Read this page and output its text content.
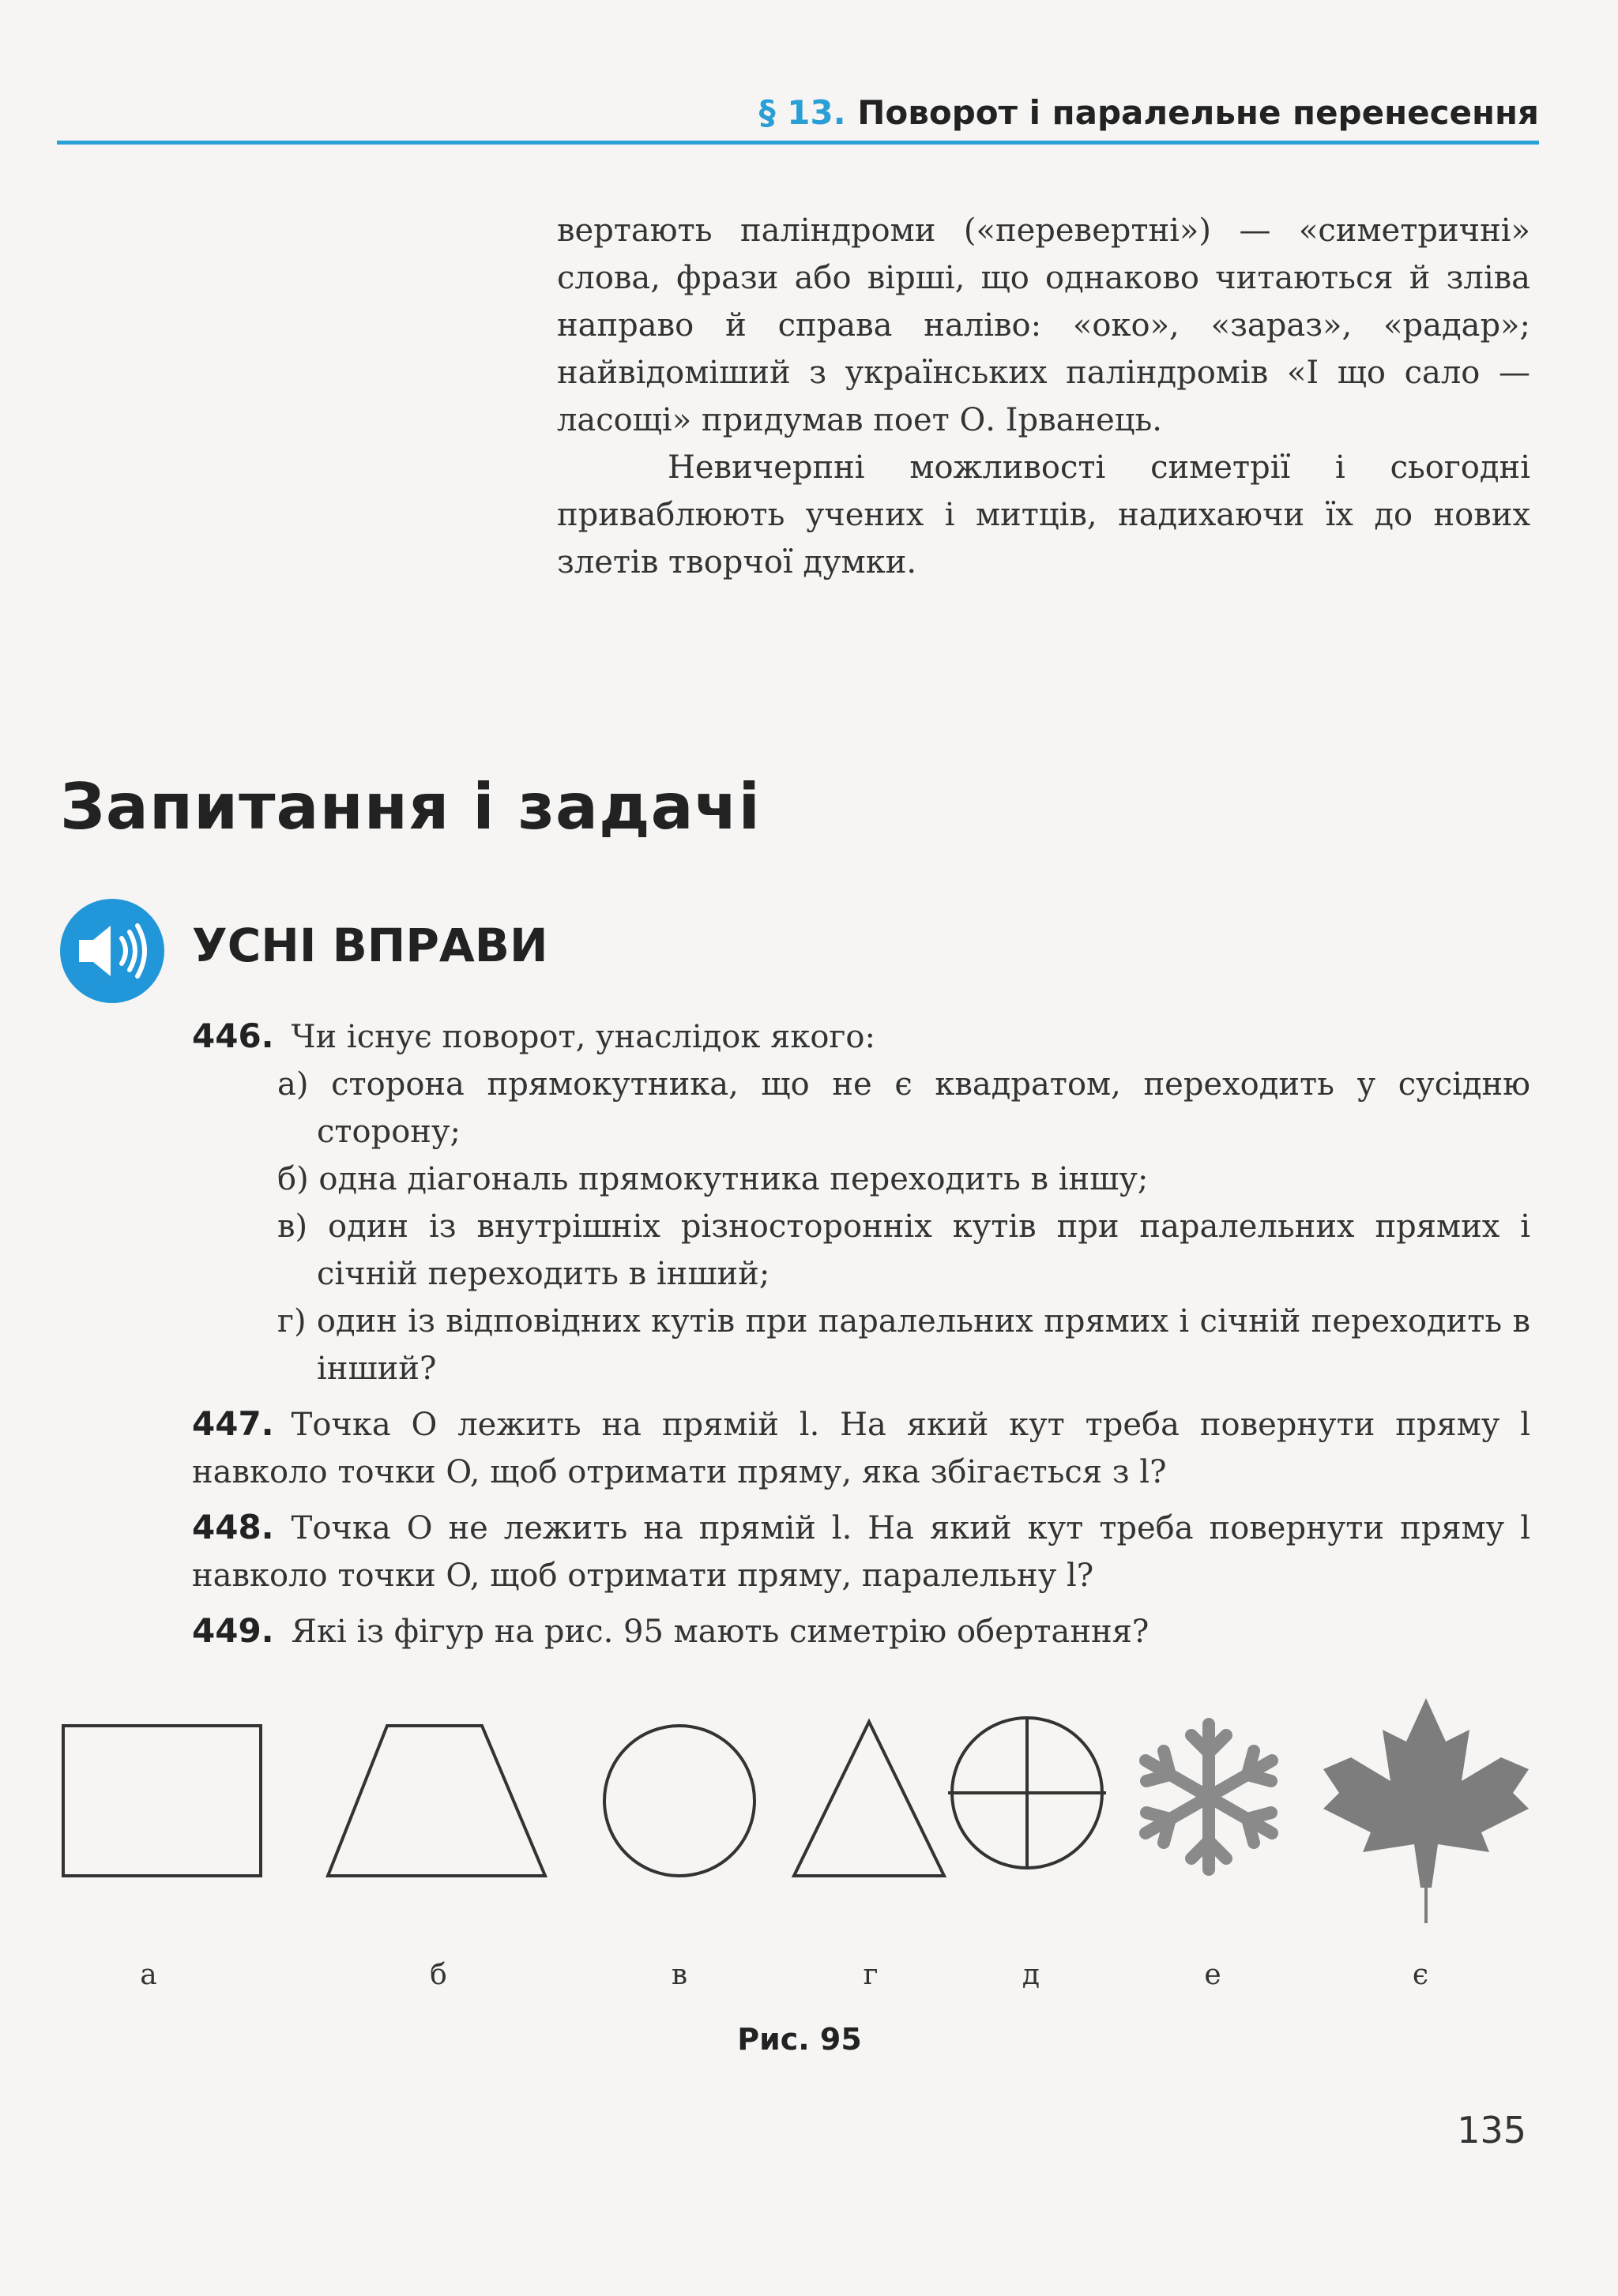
§ 13. Поворот і паралельне перенесення

вертають паліндроми («перевертні») — «симетричні» слова, фрази або вірші, що однаково читаються й зліва направо й справа наліво: «око», «зараз», «радар»; найвідоміший з українських паліндромів «І що сало — ласощі» придумав поет О. Ірванець.

Невичерпні можливості симетрії і сьогодні приваблюють учених і митців, надихаючи їх до нових злетів творчої думки.

Запитання і задачі
УСНІ ВПРАВИ
446. Чи існує поворот, унаслідок якого:
а) сторона прямокутника, що не є квадратом, переходить у сусідню сторону;
б) одна діагональ прямокутника переходить в іншу;
в) один із внутрішніх різносторонніх кутів при паралельних прямих і січній переходить в інший;
г) один із відповідних кутів при паралельних прямих і січній переходить в інший?
447. Точка O лежить на прямій l. На який кут треба повернути пряму l навколо точки O, щоб отримати пряму, яка збігається з l?
448. Точка O не лежить на прямій l. На який кут треба повернути пряму l навколо точки O, щоб отримати пряму, паралельну l?
449. Які із фігур на рис. 95 мають симетрію обертання?
а	б	в	г	д	е	є
Рис. 95
135
